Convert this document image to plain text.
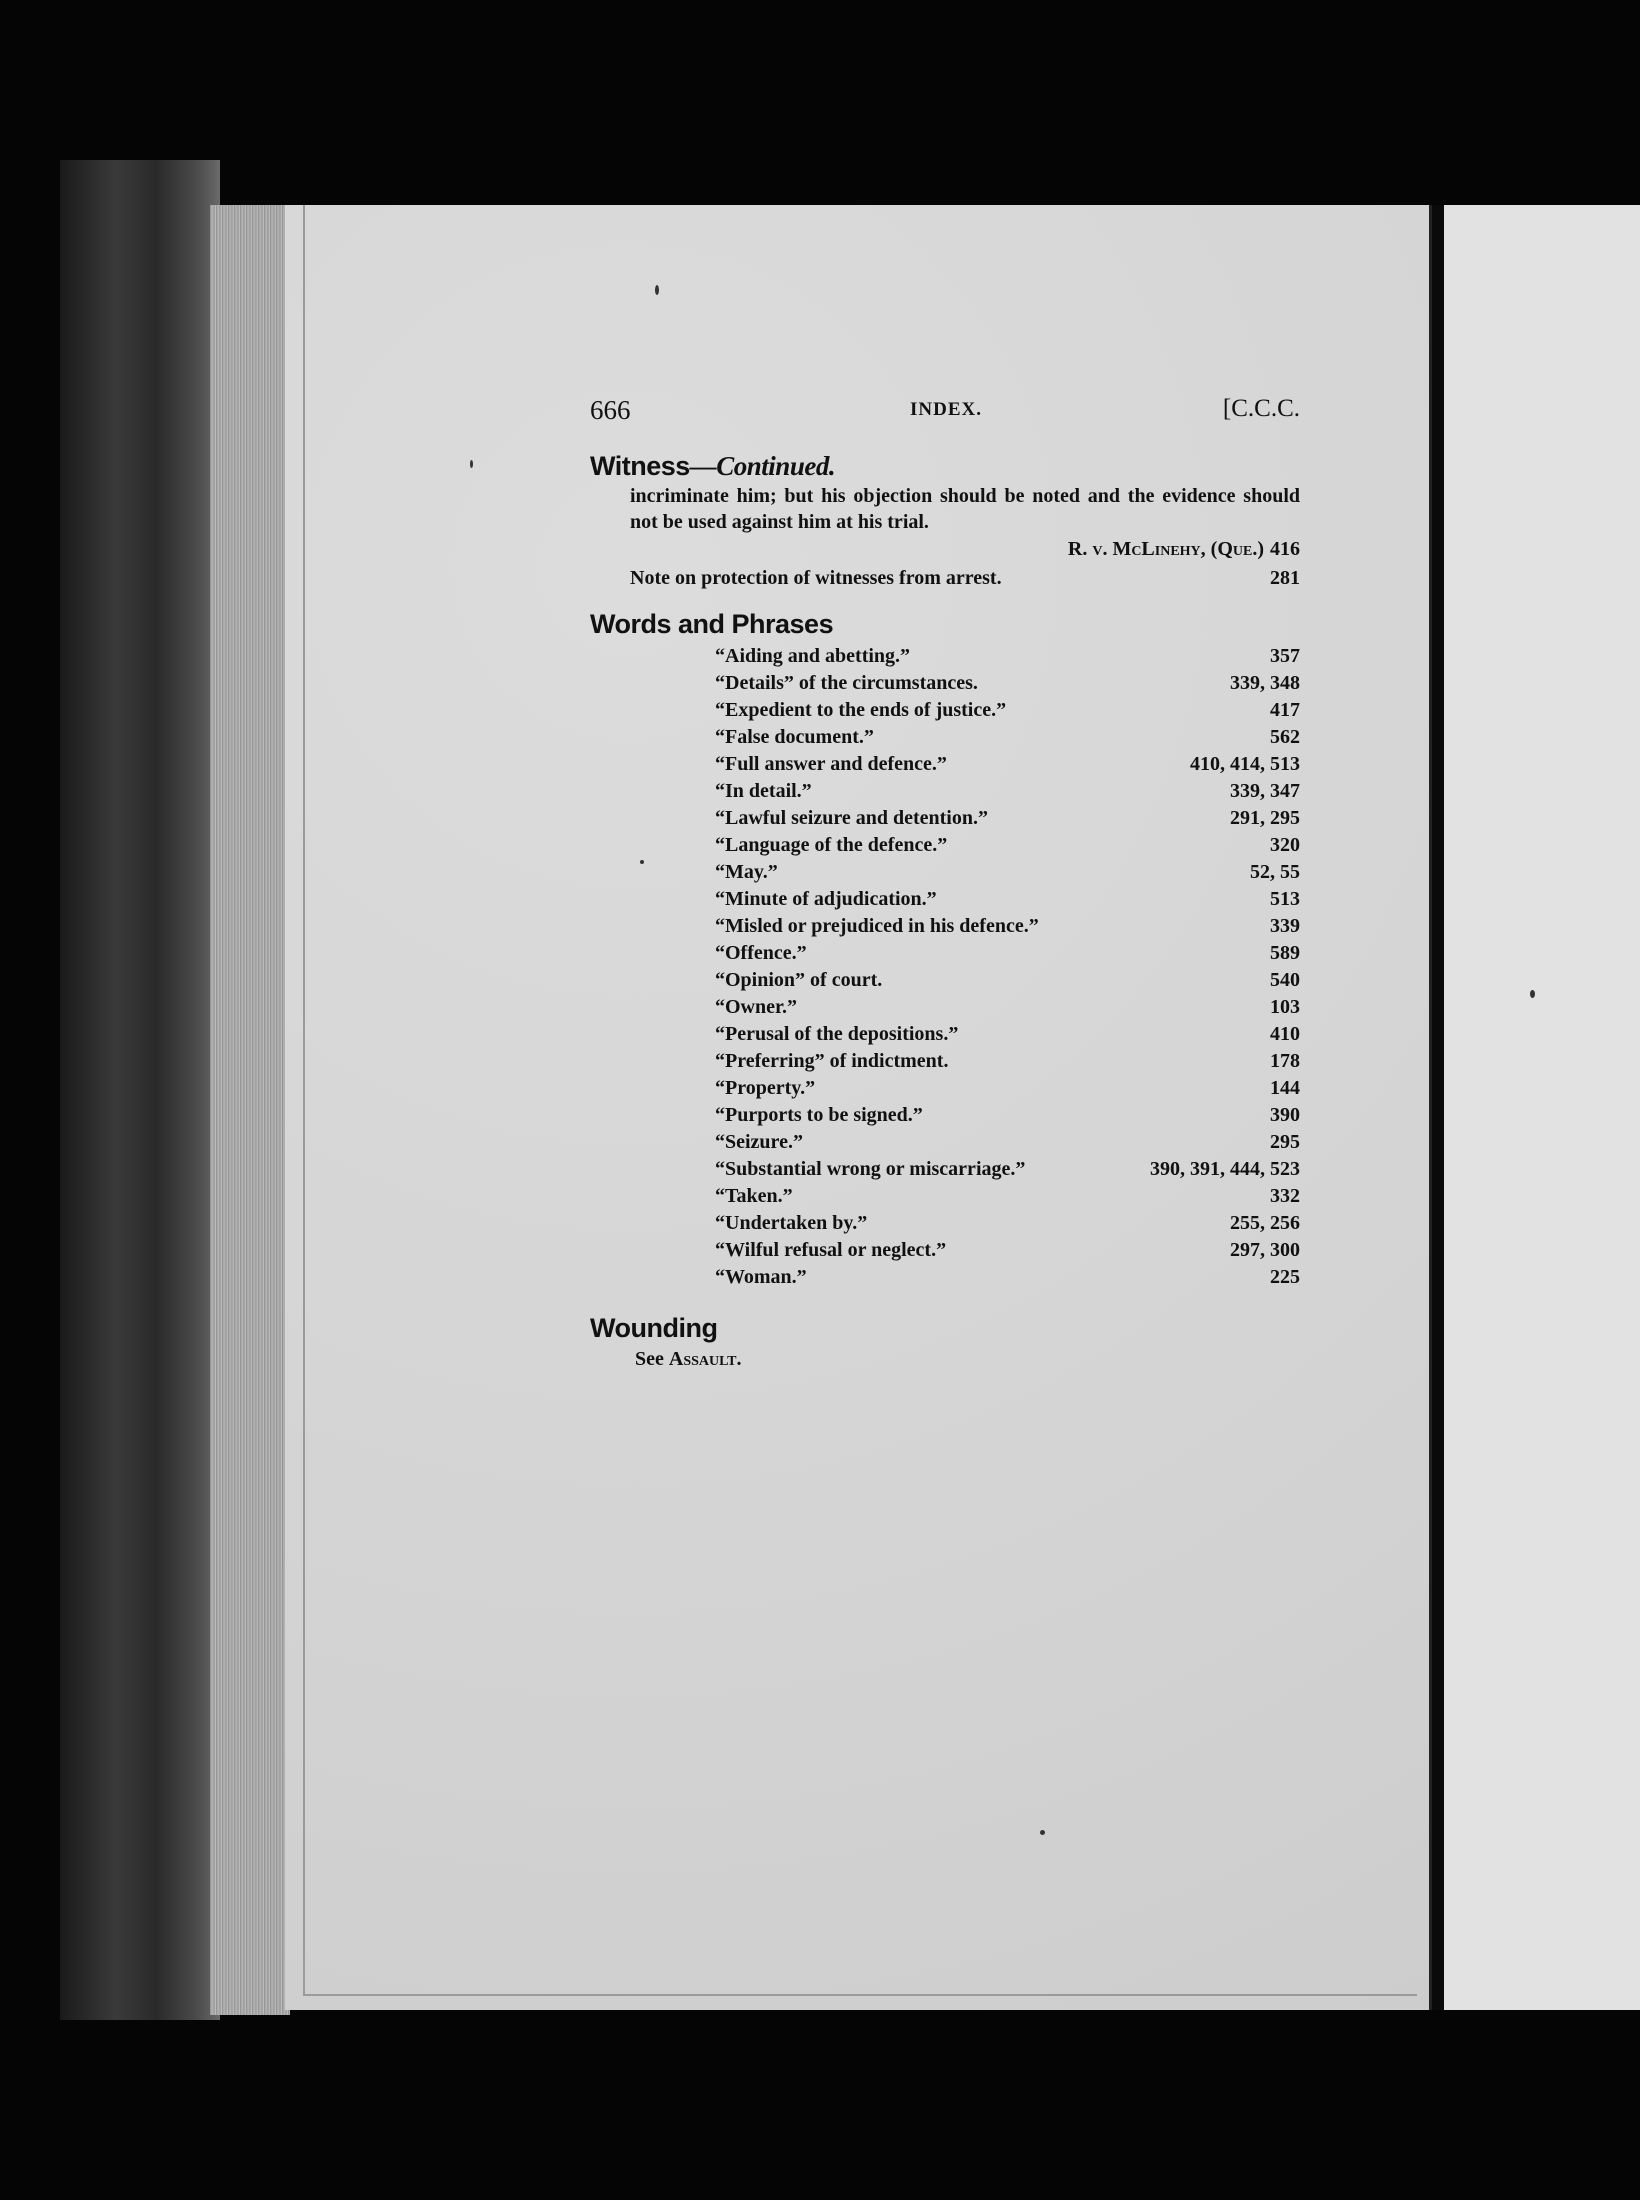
666	INDEX.	[C.C.C.
Witness—Continued.
incriminate him; but his objection should be noted and the evidence should not be used against him at his trial.
R. v. McLinehy, (Que.) 416
Note on protection of witnesses from arrest.	281
Words and Phrases
“Aiding and abetting.”	357
“Details” of the circumstances.	339, 348
“Expedient to the ends of justice.”	417
“False document.”	562
“Full answer and defence.”	410, 414, 513
“In detail.”	339, 347
“Lawful seizure and detention.”	291, 295
“Language of the defence.”	320
“May.”	52, 55
“Minute of adjudication.”	513
“Misled or prejudiced in his defence.”	339
“Offence.”	589
“Opinion” of court.	540
“Owner.”	103
“Perusal of the depositions.”	410
“Preferring” of indictment.	178
“Property.”	144
“Purports to be signed.”	390
“Seizure.”	295
“Substantial wrong or miscarriage.”	390, 391, 444, 523
“Taken.”	332
“Undertaken by.”	255, 256
“Wilful refusal or neglect.”	297, 300
“Woman.”	225
Wounding
See Assault.
